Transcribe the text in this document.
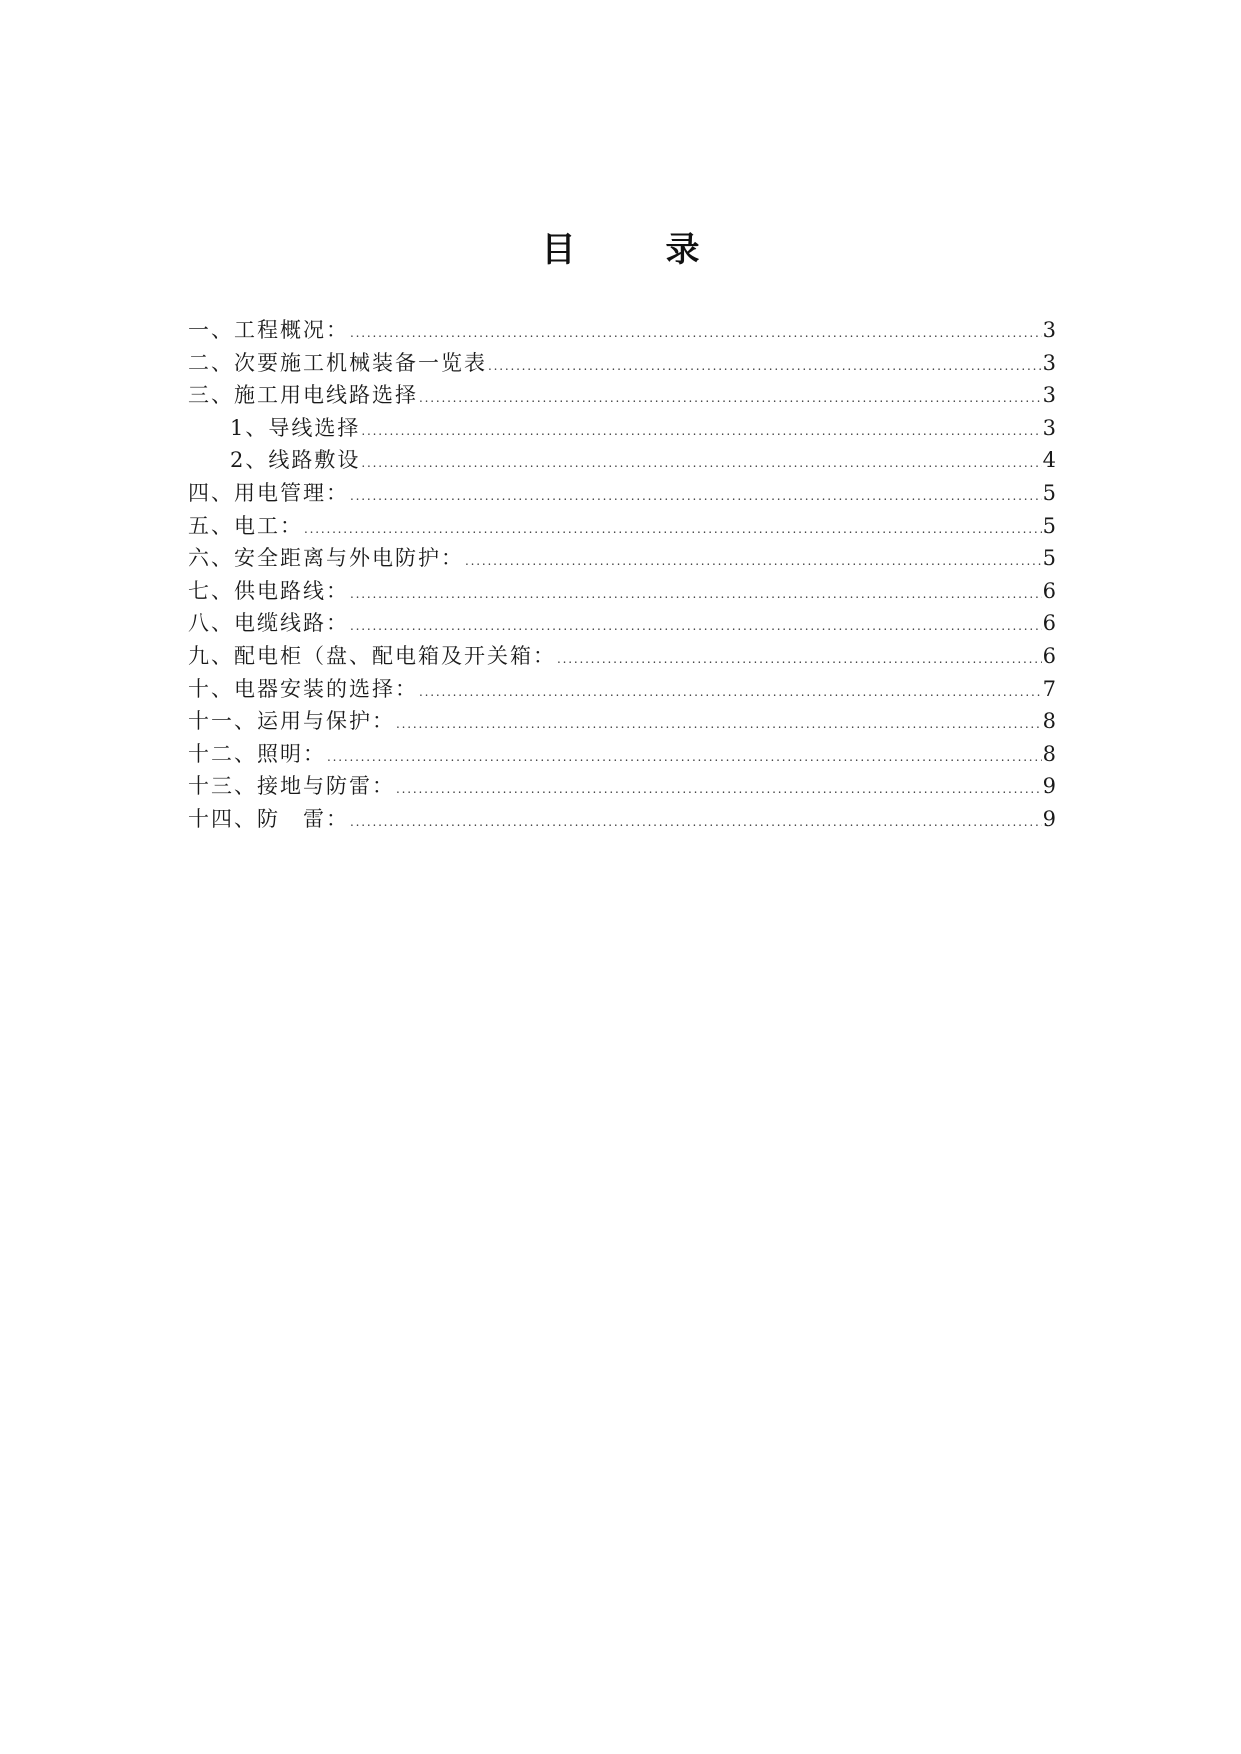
目　录
一、工程概况： .....	3
二、次要施工机械装备一览表 .....	3
三、施工用电线路选择 .....	3
1、导线选择 .....	3
2、线路敷设 .....	4
四、用电管理： .....	5
五、电工： .....	5
六、安全距离与外电防护： .....	5
七、供电路线： .....	6
八、电缆线路： .....	6
九、配电柜（盘、配电箱及开关箱： .....	6
十、电器安装的选择： .....	7
十一、运用与保护： .....	8
十二、照明： .....	8
十三、接地与防雷： .....	9
十四、防　雷： .....	9
